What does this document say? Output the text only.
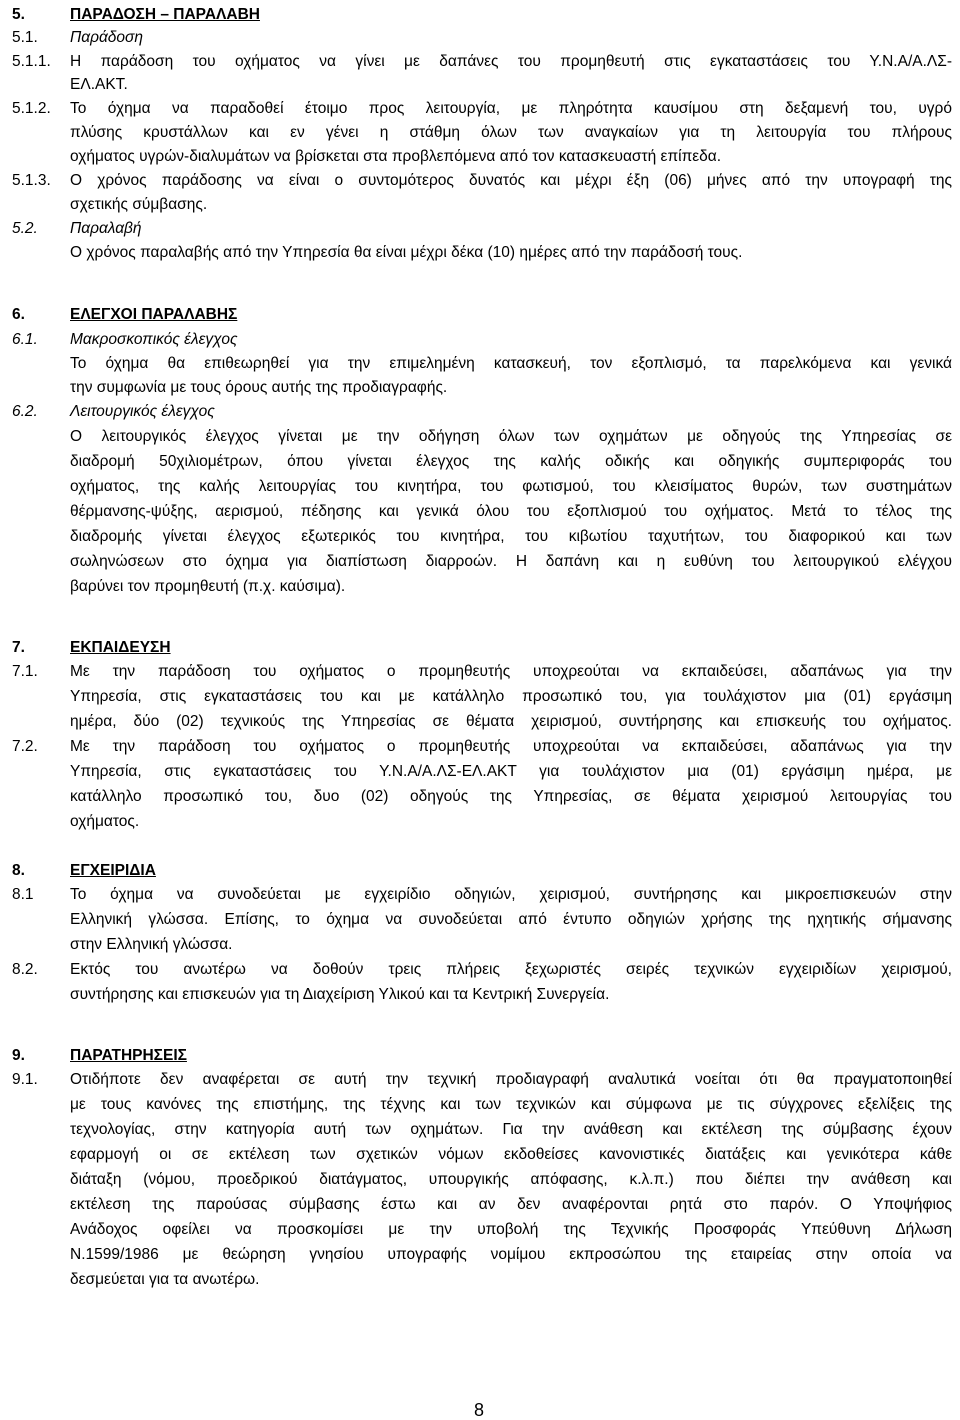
5.	ΠΑΡΑΔΟΣΗ – ΠΑΡΑΛΑΒΗ
5.1. Παράδοση
5.1.1. Η παράδοση του οχήματος να γίνει με δαπάνες του προμηθευτή στις εγκαταστάσεις του Υ.Ν.Α/Α.ΛΣ-
ΕΛ.ΑΚΤ.
5.1.2. Το όχημα να παραδοθεί έτοιμο προς λειτουργία, με πληρότητα καυσίμου στη δεξαμενή του, υγρό
πλύσης κρυστάλλων και εν γένει η στάθμη όλων των αναγκαίων για τη λειτουργία του πλήρους
οχήματος υγρών-διαλυμάτων να βρίσκεται στα προβλεπόμενα από τον κατασκευαστή επίπεδα.
5.1.3. Ο χρόνος παράδοσης να είναι ο συντομότερος δυνατός και μέχρι έξη (06) μήνες από την υπογραφή της
σχετικής σύμβασης.
5.2. Παραλαβή
Ο χρόνος παραλαβής από την Υπηρεσία θα είναι μέχρι δέκα (10) ημέρες από την παράδοσή τους.
6.	ΕΛΕΓΧΟΙ ΠΑΡΑΛΑΒΗΣ
6.1. Μακροσκοπικός έλεγχος
Το όχημα θα επιθεωρηθεί για την επιμελημένη κατασκευή, τον εξοπλισμό, τα παρελκόμενα και γενικά
την συμφωνία με τους όρους αυτής της προδιαγραφής.
6.2. Λειτουργικός έλεγχος
Ο λειτουργικός έλεγχος γίνεται με την οδήγηση όλων των οχημάτων με οδηγούς της Υπηρεσίας σε
διαδρομή 50χιλιομέτρων, όπου γίνεται έλεγχος της καλής οδικής και οδηγικής συμπεριφοράς του
οχήματος, της καλής λειτουργίας του κινητήρα, του φωτισμού, του κλεισίματος θυρών, των συστημάτων
θέρμανσης-ψύξης, αερισμού, πέδησης και γενικά όλου του εξοπλισμού του οχήματος. Μετά το τέλος της
διαδρομής γίνεται έλεγχος εξωτερικός του κινητήρα, του κιβωτίου ταχυτήτων, του διαφορικού και των
σωληνώσεων στο όχημα για διαπίστωση διαρροών. Η δαπάνη και η ευθύνη του λειτουργικού ελέγχου
βαρύνει τον προμηθευτή (π.χ. καύσιμα).
7.	ΕΚΠΑΙΔΕΥΣΗ
7.1. Με την παράδοση του οχήματος ο προμηθευτής υποχρεούται να εκπαιδεύσει, αδαπάνως για την
Υπηρεσία, στις εγκαταστάσεις του και με κατάλληλο προσωπικό του, για τουλάχιστον μια (01) εργάσιμη
ημέρα, δύο (02) τεχνικούς της Υπηρεσίας σε θέματα χειρισμού, συντήρησης και επισκευής του οχήματος.
7.2. Με την παράδοση του οχήματος ο προμηθευτής υποχρεούται να εκπαιδεύσει, αδαπάνως για την
Υπηρεσία, στις εγκαταστάσεις του Υ.Ν.Α/Α.ΛΣ-ΕΛ.ΑΚΤ για τουλάχιστον μια (01) εργάσιμη ημέρα, με
κατάλληλο προσωπικό του, δυο (02) οδηγούς της Υπηρεσίας, σε θέματα χειρισμού λειτουργίας του
οχήματος.
8.	ΕΓΧΕΙΡΙΔΙΑ
8.1 Το όχημα να συνοδεύεται με εγχειρίδιο οδηγιών, χειρισμού, συντήρησης και μικροεπισκευών στην
Ελληνική γλώσσα. Επίσης, το όχημα να συνοδεύεται από έντυπο οδηγιών χρήσης της ηχητικής σήμανσης
στην Ελληνική γλώσσα.
8.2. Εκτός του ανωτέρω να δοθούν τρεις πλήρεις ξεχωριστές σειρές τεχνικών εγχειριδίων χειρισμού,
συντήρησης και επισκευών για τη Διαχείριση Υλικού και τα Κεντρική Συνεργεία.
9.	ΠΑΡΑΤΗΡΗΣΕΙΣ
9.1. Οτιδήποτε δεν αναφέρεται σε αυτή την τεχνική προδιαγραφή αναλυτικά νοείται ότι θα πραγματοποιηθεί
με τους κανόνες της επιστήμης, της τέχνης και των τεχνικών και σύμφωνα με τις σύγχρονες εξελίξεις της
τεχνολογίας, στην κατηγορία αυτή των οχημάτων. Για την ανάθεση και εκτέλεση της σύμβασης έχουν
εφαρμογή οι σε εκτέλεση των σχετικών νόμων εκδοθείσες κανονιστικές διατάξεις και γενικότερα κάθε
διάταξη (νόμου, προεδρικού διατάγματος, υπουργικής απόφασης, κ.λ.π.) που διέπει την ανάθεση και
εκτέλεση της παρούσας σύμβασης έστω και αν δεν αναφέρονται ρητά στο παρόν. Ο Υποψήφιος
Ανάδοχος οφείλει να προσκομίσει με την υποβολή της Τεχνικής Προσφοράς Υπεύθυνη Δήλωση
Ν.1599/1986 με θεώρηση γνησίου υπογραφής νομίμου εκπροσώπου της εταιρείας στην οποία να
δεσμεύεται για τα ανωτέρω.
8
